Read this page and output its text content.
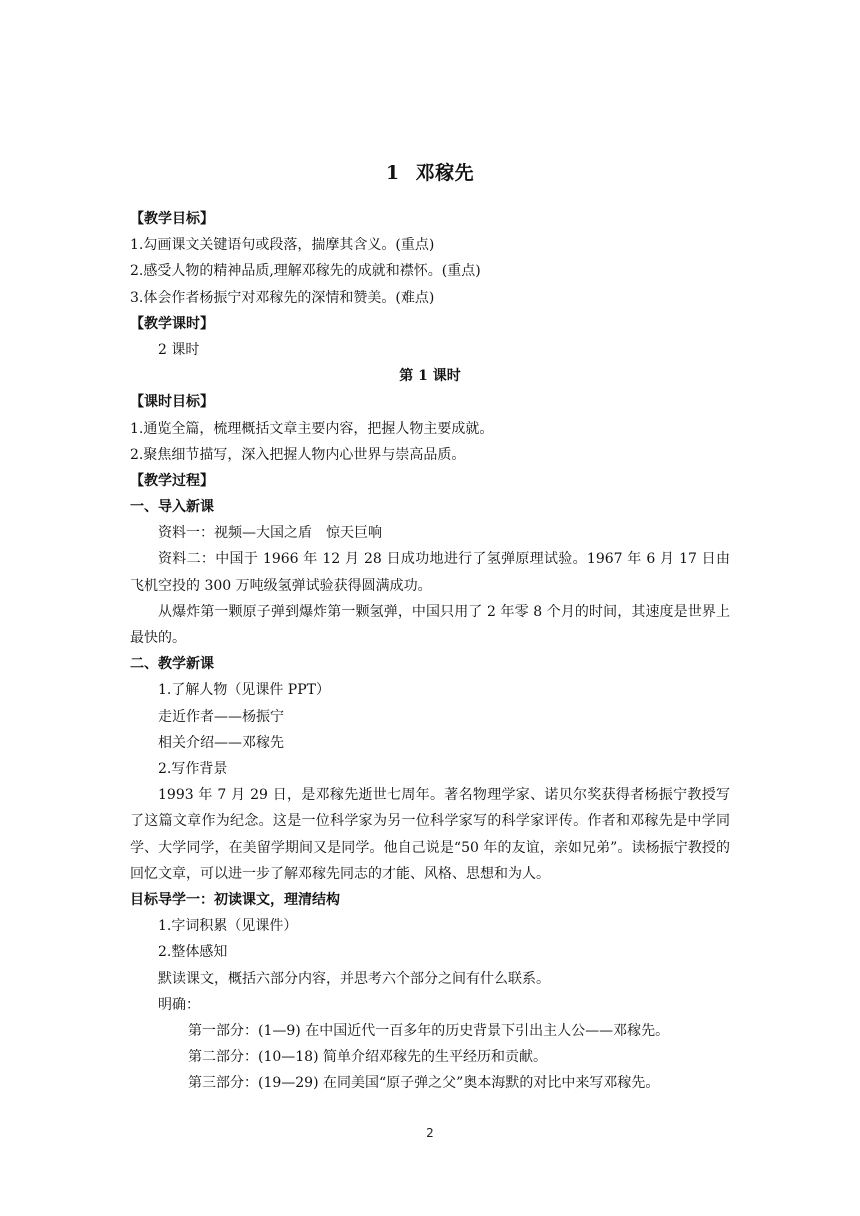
1 邓稼先
【教学目标】
1.勾画课文关键语句或段落，揣摩其含义。(重点)
2.感受人物的精神品质,理解邓稼先的成就和襟怀。(重点)
3.体会作者杨振宁对邓稼先的深情和赞美。(难点)
【教学课时】
2 课时
第 1 课时
【课时目标】
1.通览全篇，梳理概括文章主要内容，把握人物主要成就。
2.聚焦细节描写，深入把握人物内心世界与崇高品质。
【教学过程】
一、导入新课
资料一：视频—大国之盾　惊天巨响

资料二：中国于 1966 年 12 月 28 日成功地进行了氢弹原理试验。1967 年 6 月 17 日由飞机空投的 300 万吨级氢弹试验获得圆满成功。

从爆炸第一颗原子弹到爆炸第一颗氢弹，中国只用了 2 年零 8 个月的时间，其速度是世界上最快的。

二、教学新课
1.了解人物（见课件 PPT）
走近作者——杨振宁
相关介绍——邓稼先
2.写作背景

1993 年 7 月 29 日，是邓稼先逝世七周年。著名物理学家、诺贝尔奖获得者杨振宁教授写了这篇文章作为纪念。这是一位科学家为另一位科学家写的科学家评传。作者和邓稼先是中学同学、大学同学，在美留学期间又是同学。他自己说是“50 年的友谊，亲如兄弟”。读杨振宁教授的回忆文章，可以进一步了解邓稼先同志的才能、风格、思想和为人。

目标导学一：初读课文，理清结构
1.字词积累（见课件）
2.整体感知
默读课文，概括六部分内容，并思考六个部分之间有什么联系。
明确：
第一部分：(1—9) 在中国近代一百多年的历史背景下引出主人公——邓稼先。
第二部分：(10—18) 简单介绍邓稼先的生平经历和贡献。
第三部分：(19—29) 在同美国“原子弹之父”奥本海默的对比中来写邓稼先。
2
